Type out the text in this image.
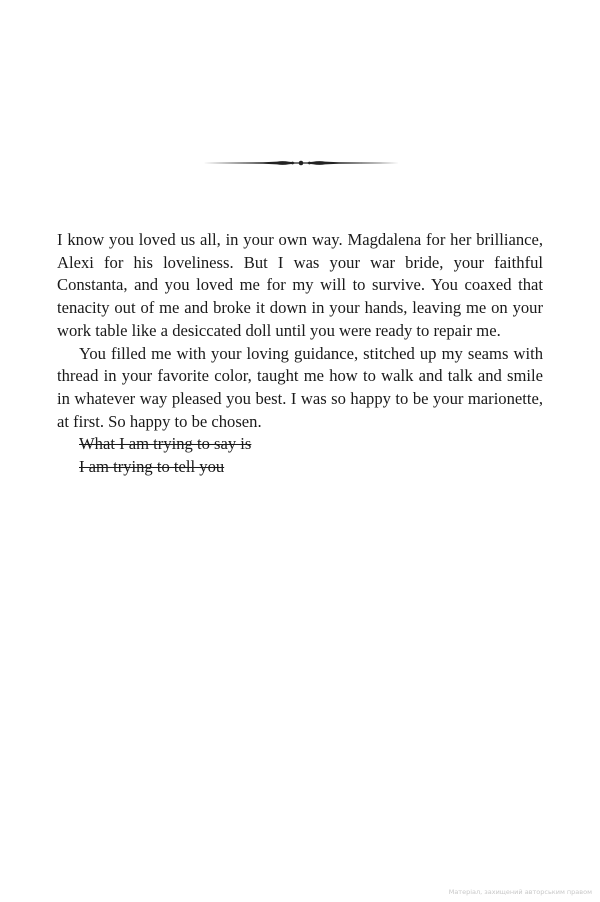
I know you loved us all, in your own way. Magdalena for her brilliance, Alexi for his loveliness. But I was your war bride, your faithful Constanta, and you loved me for my will to survive. You coaxed that tenacity out of me and broke it down in your hands, leaving me on your work table like a desiccated doll until you were ready to repair me.

You filled me with your loving guidance, stitched up my seams with thread in your favorite color, taught me how to walk and talk and smile in whatever way pleased you best. I was so happy to be your marionette, at first. So happy to be chosen.

What I am trying to say is

I am trying to tell you

Матеріал, захищений авторським правом
